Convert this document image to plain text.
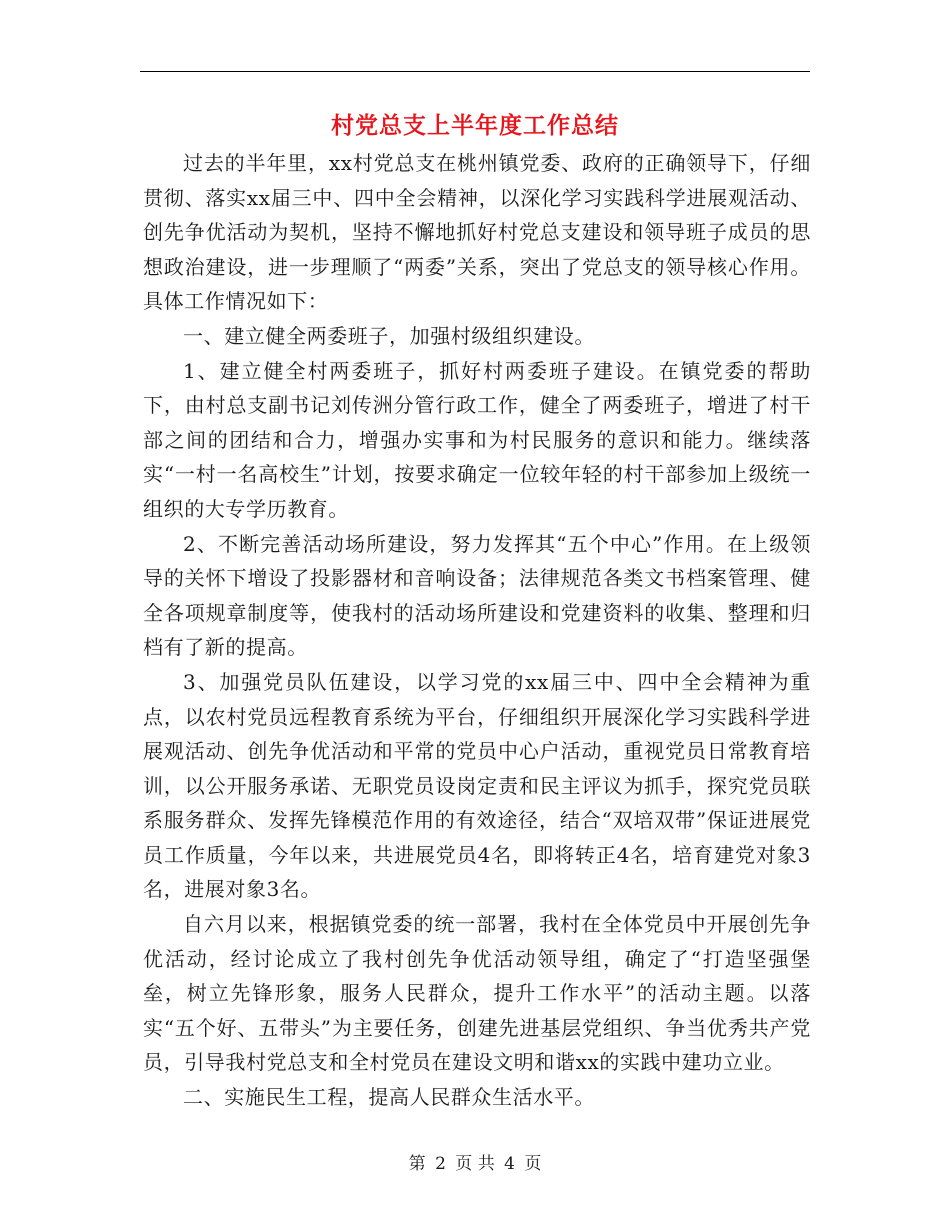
村党总支上半年度工作总结

过去的半年里，xx村党总支在桃州镇党委、政府的正确领导下，仔细贯彻、落实xx届三中、四中全会精神，以深化学习实践科学进展观活动、创先争优活动为契机，坚持不懈地抓好村党总支建设和领导班子成员的思想政治建设，进一步理顺了“两委”关系，突出了党总支的领导核心作用。具体工作情况如下：

一、建立健全两委班子，加强村级组织建设。

1、建立健全村两委班子，抓好村两委班子建设。在镇党委的帮助下，由村总支副书记刘传洲分管行政工作，健全了两委班子，增进了村干部之间的团结和合力，增强办实事和为村民服务的意识和能力。继续落实“一村一名高校生”计划，按要求确定一位较年轻的村干部参加上级统一组织的大专学历教育。

2、不断完善活动场所建设，努力发挥其“五个中心”作用。在上级领导的关怀下增设了投影器材和音响设备；法律规范各类文书档案管理、健全各项规章制度等，使我村的活动场所建设和党建资料的收集、整理和归档有了新的提高。

3、加强党员队伍建设，以学习党的xx届三中、四中全会精神为重点，以农村党员远程教育系统为平台，仔细组织开展深化学习实践科学进展观活动、创先争优活动和平常的党员中心户活动，重视党员日常教育培训，以公开服务承诺、无职党员设岗定责和民主评议为抓手，探究党员联系服务群众、发挥先锋模范作用的有效途径，结合“双培双带”保证进展党员工作质量，今年以来，共进展党员4名，即将转正4名，培育建党对象3名，进展对象3名。

自六月以来，根据镇党委的统一部署，我村在全体党员中开展创先争优活动，经讨论成立了我村创先争优活动领导组，确定了“打造坚强堡垒，树立先锋形象，服务人民群众，提升工作水平”的活动主题。以落实“五个好、五带头”为主要任务，创建先进基层党组织、争当优秀共产党员，引导我村党总支和全村党员在建设文明和谐xx的实践中建功立业。

二、实施民生工程，提高人民群众生活水平。

第 2 页 共 4 页
